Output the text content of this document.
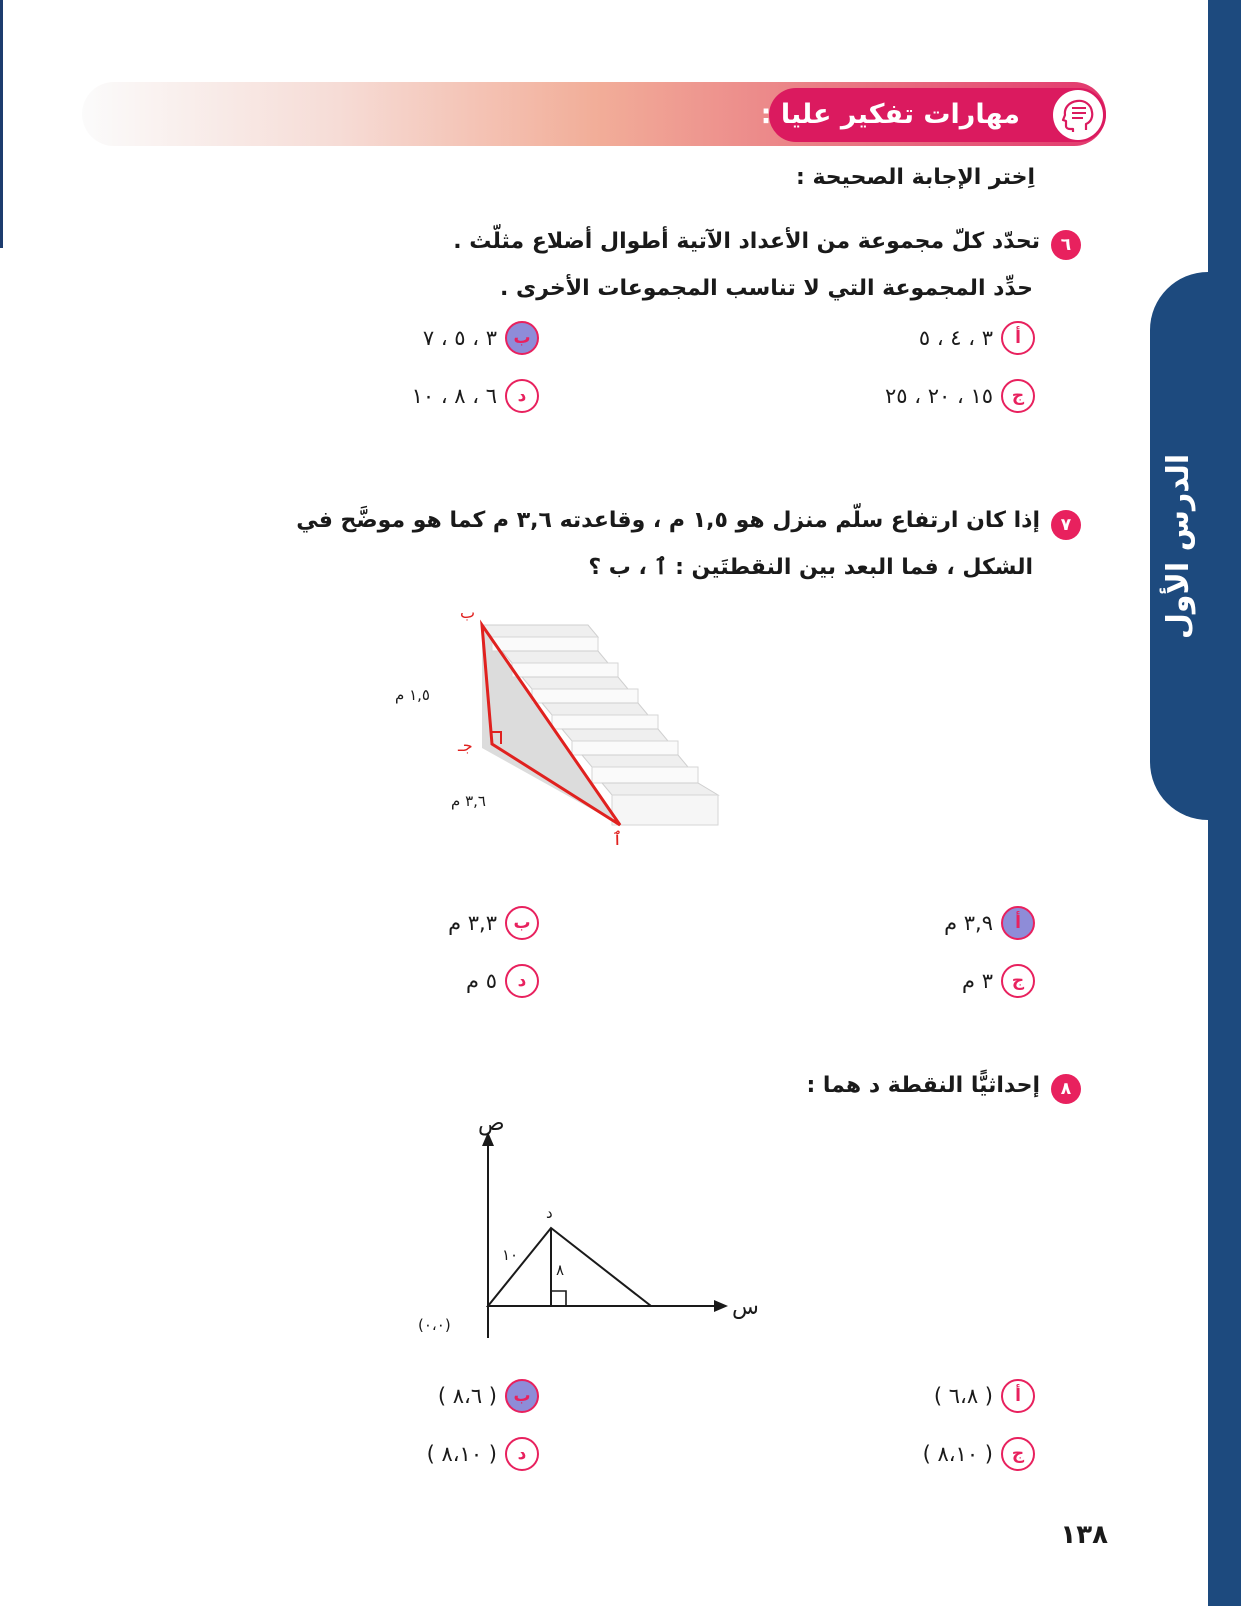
الدرس الأول
مهارات تفكير عليا :
اِختر الإجابة الصحيحة :
٦
تحدّد كلّ مجموعة من الأعداد الآتية أطوال أضلاع مثلّث .
حدِّد المجموعة التي لا تناسب المجموعات الأخرى .
أ
٣ ، ٤ ، ٥
ب
٣ ، ٥ ، ٧
ج
١٥ ، ٢٠ ، ٢٥
د
٦ ، ٨ ، ١٠
٧
إذا كان ارتفاع سلّم منزل هو ١,٥ م ، وقاعدته ٣,٦ م كما هو موضَّح في
الشكل ، فما البعد بين النقطتَين : ٱ ، ب ؟
ب
جـ
ٱ
١,٥ م
٣,٦ م
أ
٣,٩ م
ب
٣,٣ م
ج
٣ م
د
٥ م
٨
إحداثيًّا النقطة د هما :
ص
س
د
١٠
٨
(٠،٠)
أ
( ٦،٨ )
ب
( ٨،٦ )
ج
( ٨،١٠ )
د
( ٨،١٠ )
١٣٨
